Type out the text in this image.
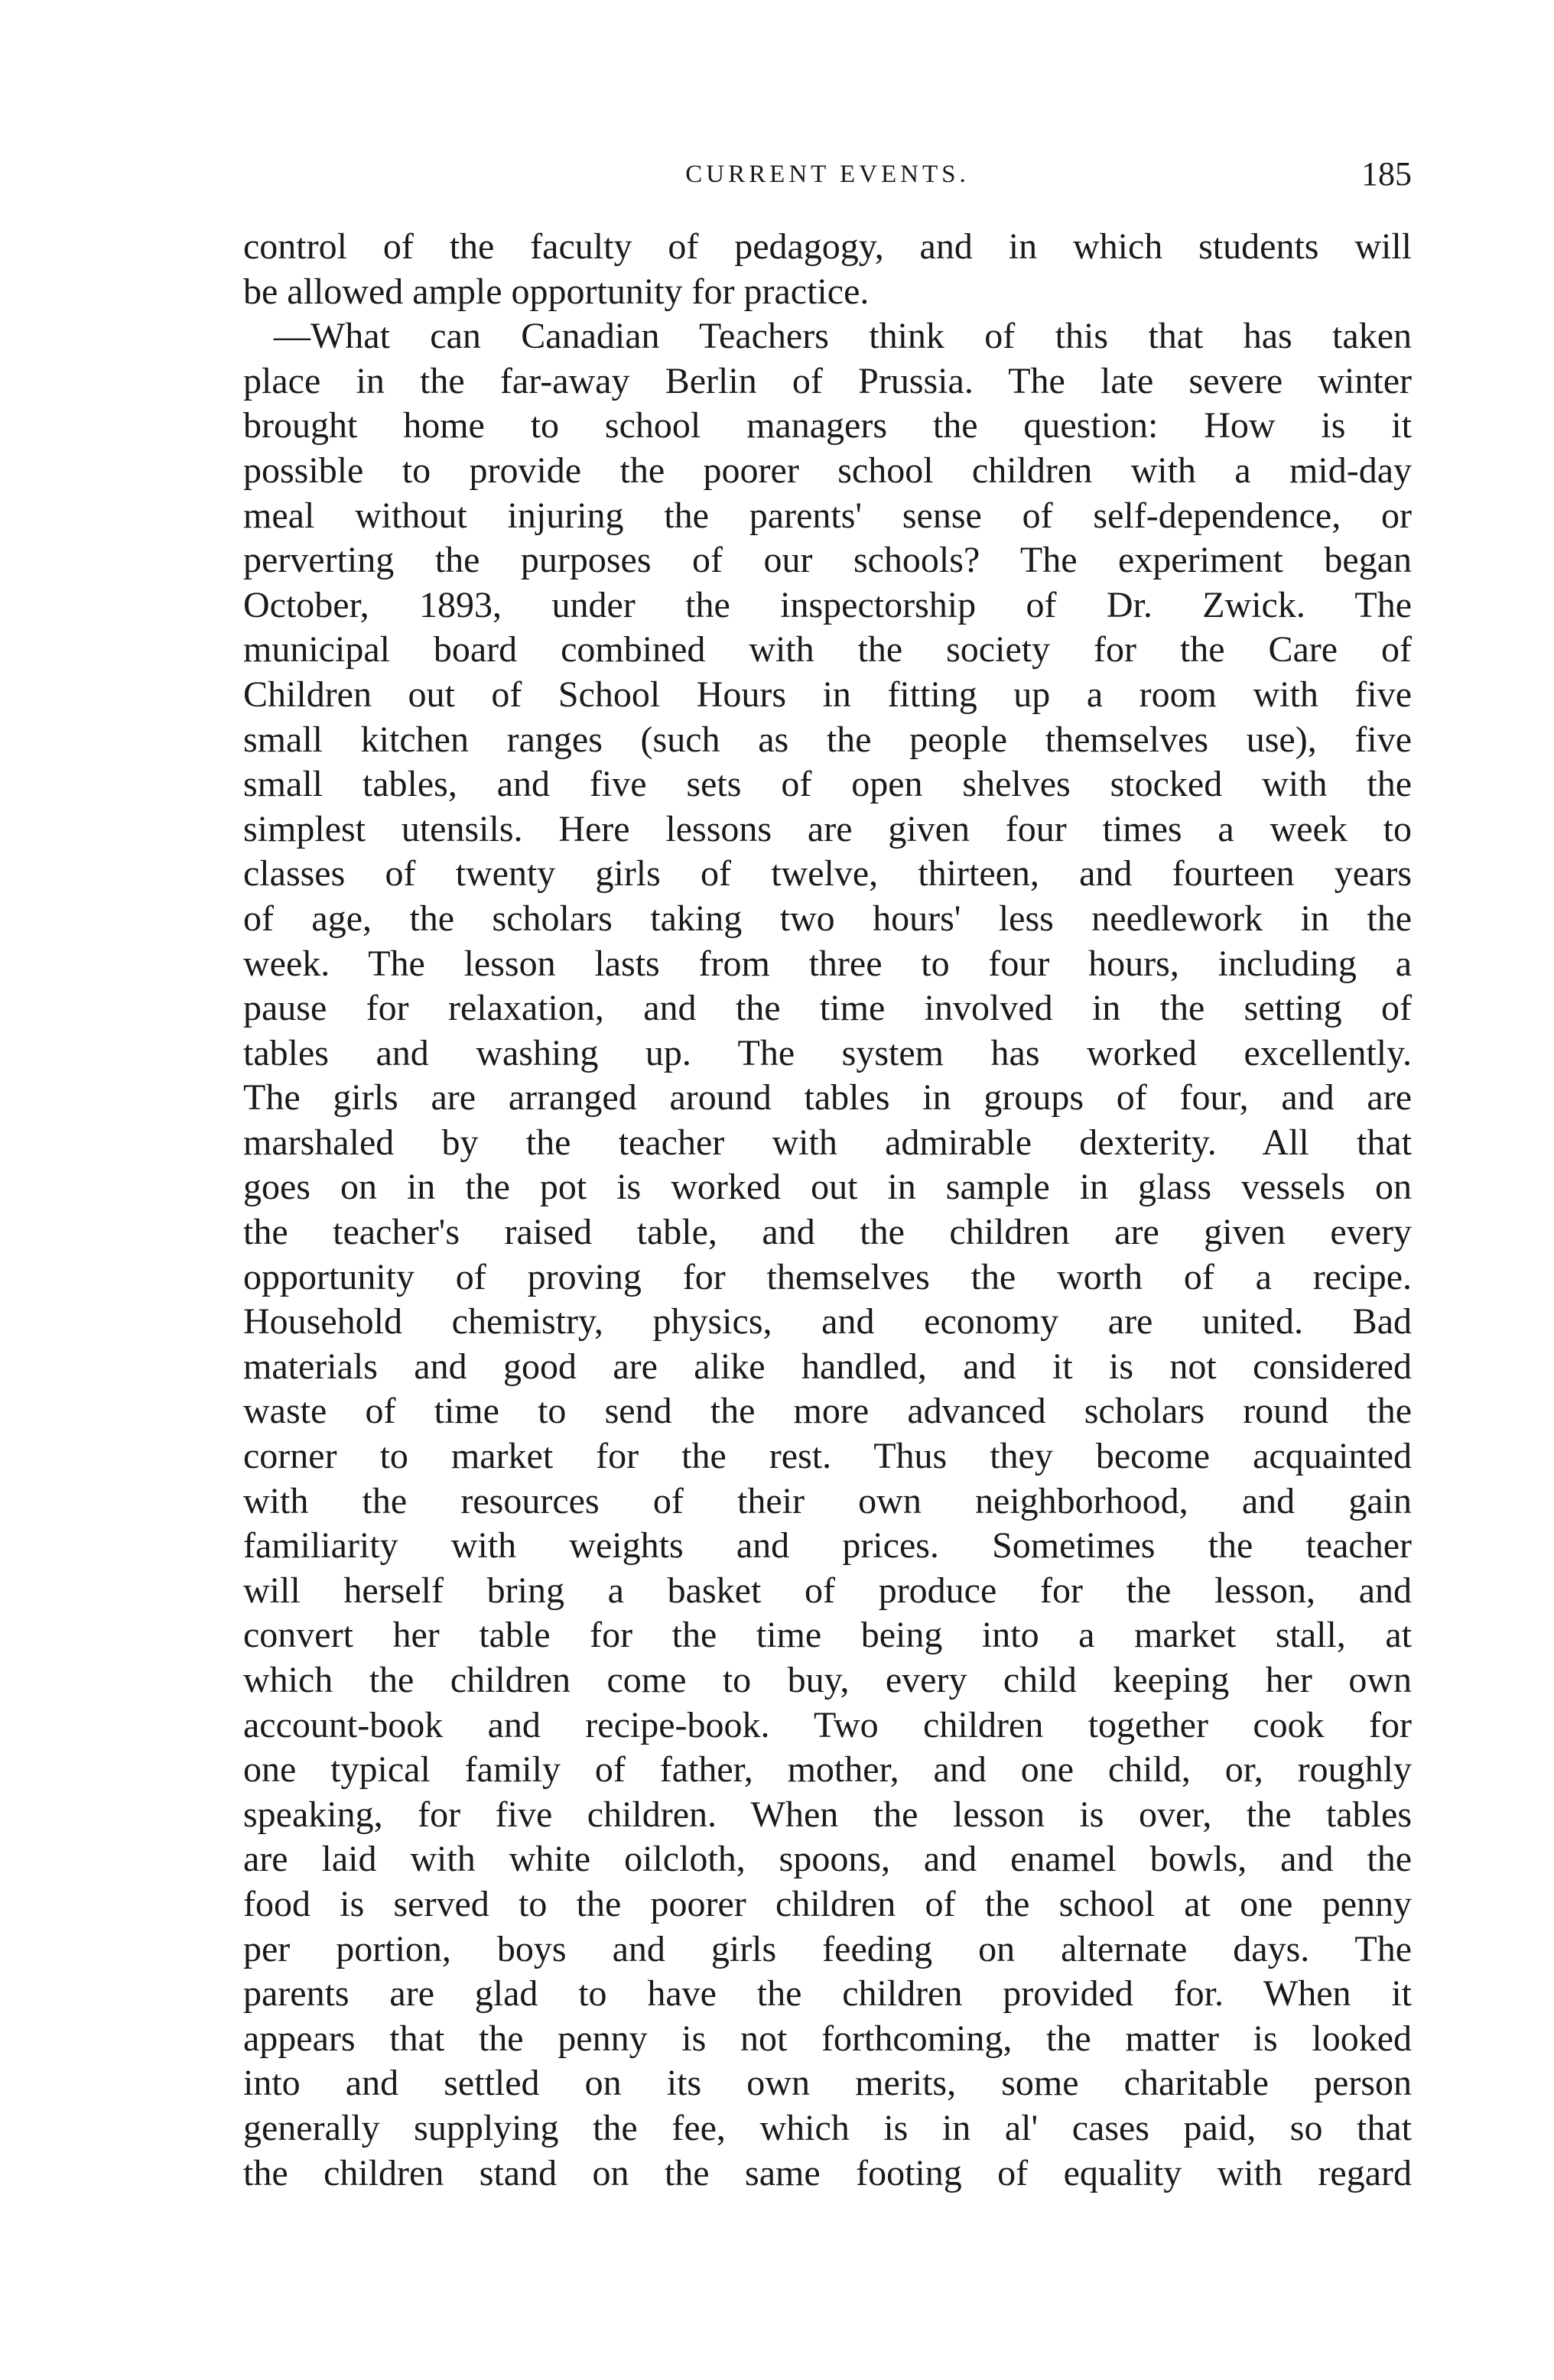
CURRENT EVENTS.	185
control of the faculty of pedagogy, and in which students will
be allowed ample opportunity for practice.
—What can Canadian Teachers think of this that has taken
place in the far-away Berlin of Prussia. The late severe winter
brought home to school managers the question: How is it
possible to provide the poorer school children with a mid-day
meal without injuring the parents' sense of self-dependence, or
perverting the purposes of our schools? The experiment began
October, 1893, under the inspectorship of Dr. Zwick. The
municipal board combined with the society for the Care of
Children out of School Hours in fitting up a room with five
small kitchen ranges (such as the people themselves use), five
small tables, and five sets of open shelves stocked with the
simplest utensils. Here lessons are given four times a week to
classes of twenty girls of twelve, thirteen, and fourteen years
of age, the scholars taking two hours' less needlework in the
week. The lesson lasts from three to four hours, including a
pause for relaxation, and the time involved in the setting of
tables and washing up. The system has worked excellently.
The girls are arranged around tables in groups of four, and are
marshaled by the teacher with admirable dexterity. All that
goes on in the pot is worked out in sample in glass vessels on
the teacher's raised table, and the children are given every
opportunity of proving for themselves the worth of a recipe.
Household chemistry, physics, and economy are united. Bad
materials and good are alike handled, and it is not considered
waste of time to send the more advanced scholars round the
corner to market for the rest. Thus they become acquainted
with the resources of their own neighborhood, and gain
familiarity with weights and prices. Sometimes the teacher
will herself bring a basket of produce for the lesson, and
convert her table for the time being into a market stall, at
which the children come to buy, every child keeping her own
account-book and recipe-book. Two children together cook for
one typical family of father, mother, and one child, or, roughly
speaking, for five children. When the lesson is over, the tables
are laid with white oilcloth, spoons, and enamel bowls, and the
food is served to the poorer children of the school at one penny
per portion, boys and girls feeding on alternate days. The
parents are glad to have the children provided for. When it
appears that the penny is not forthcoming, the matter is looked
into and settled on its own merits, some charitable person
generally supplying the fee, which is in al' cases paid, so that
the children stand on the same footing of equality with regard
